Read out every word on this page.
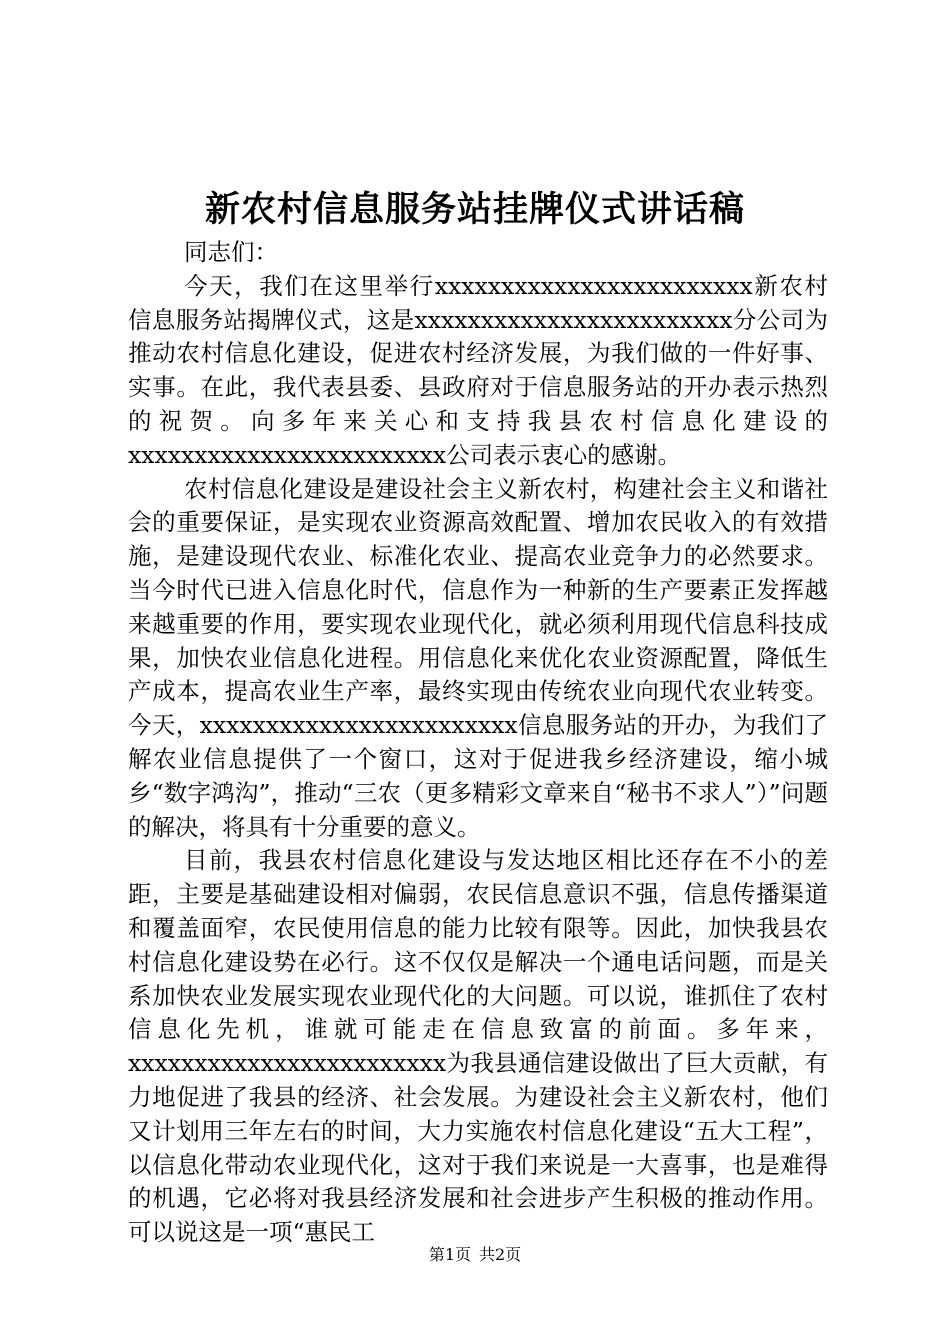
新农村信息服务站挂牌仪式讲话稿

同志们：

今天，我们在这里举行xxxxxxxxxxxxxxxxxxxxxxxx新农村信息服务站揭牌仪式，这是xxxxxxxxxxxxxxxxxxxxxxxx分公司为推动农村信息化建设，促进农村经济发展，为我们做的一件好事、实事。在此，我代表县委、县政府对于信息服务站的开办表示热烈的祝贺。向多年来关心和支持我县农村信息化建设的xxxxxxxxxxxxxxxxxxxxxxxx公司表示衷心的感谢。

农村信息化建设是建设社会主义新农村，构建社会主义和谐社会的重要保证，是实现农业资源高效配置、增加农民收入的有效措施，是建设现代农业、标准化农业、提高农业竞争力的必然要求。当今时代已进入信息化时代，信息作为一种新的生产要素正发挥越来越重要的作用，要实现农业现代化，就必须利用现代信息科技成果，加快农业信息化进程。用信息化来优化农业资源配置，降低生产成本，提高农业生产率，最终实现由传统农业向现代农业转变。今天，xxxxxxxxxxxxxxxxxxxxxxxx信息服务站的开办，为我们了解农业信息提供了一个窗口，这对于促进我乡经济建设，缩小城乡“数字鸿沟”，推动“三农（更多精彩文章来自“秘书不求人”）”问题的解决，将具有十分重要的意义。

目前，我县农村信息化建设与发达地区相比还存在不小的差距，主要是基础建设相对偏弱，农民信息意识不强，信息传播渠道和覆盖面窄，农民使用信息的能力比较有限等。因此，加快我县农村信息化建设势在必行。这不仅仅是解决一个通电话问题，而是关系加快农业发展实现农业现代化的大问题。可以说，谁抓住了农村信息化先机，谁就可能走在信息致富的前面。多年来，xxxxxxxxxxxxxxxxxxxxxxxx为我县通信建设做出了巨大贡献，有力地促进了我县的经济、社会发展。为建设社会主义新农村，他们又计划用三年左右的时间，大力实施农村信息化建设“五大工程”，以信息化带动农业现代化，这对于我们来说是一大喜事，也是难得的机遇，它必将对我县经济发展和社会进步产生积极的推动作用。可以说这是一项“惠民工

第1页 共2页
